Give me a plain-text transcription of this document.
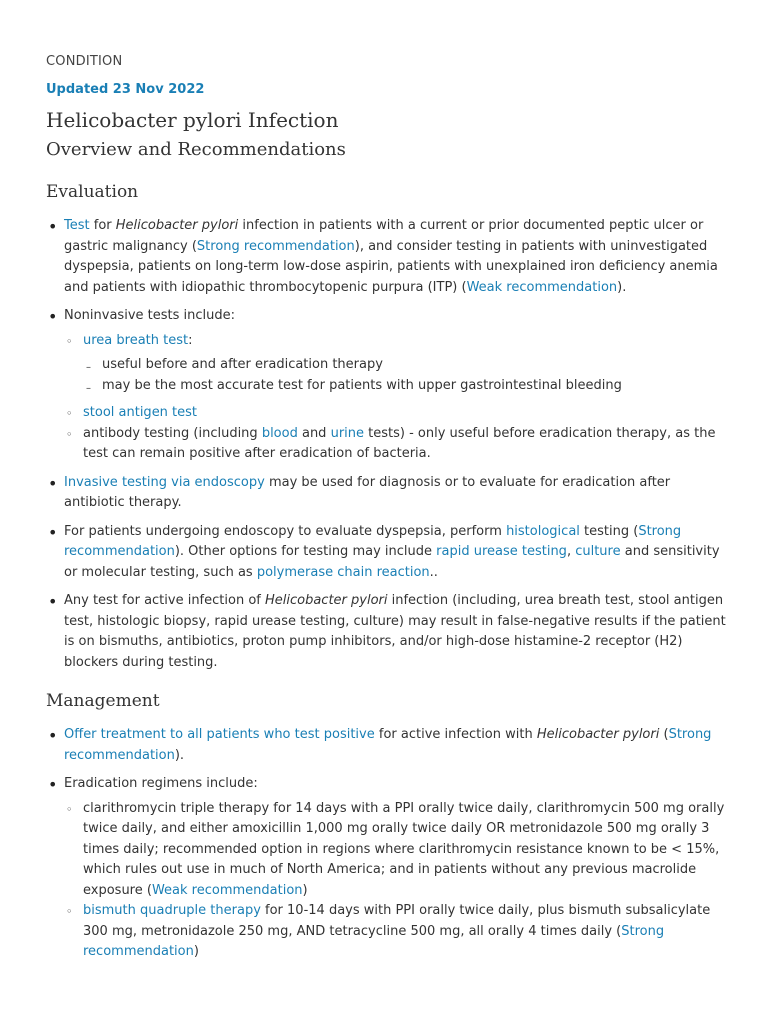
CONDITION
Updated 23 Nov 2022
Helicobacter pylori Infection
Overview and Recommendations
Evaluation
• Test for Helicobacter pylori infection in patients with a current or prior documented peptic ulcer or gastric malignancy (Strong recommendation), and consider testing in patients with uninvestigated dyspepsia, patients on long-term low-dose aspirin, patients with unexplained iron deficiency anemia and patients with idiopathic thrombocytopenic purpura (ITP) (Weak recommendation).
• Noninvasive tests include:
◦ urea breath test:
– useful before and after eradication therapy
– may be the most accurate test for patients with upper gastrointestinal bleeding
◦ stool antigen test
◦ antibody testing (including blood and urine tests) - only useful before eradication therapy, as the test can remain positive after eradication of bacteria.
• Invasive testing via endoscopy may be used for diagnosis or to evaluate for eradication after antibiotic therapy.
• For patients undergoing endoscopy to evaluate dyspepsia, perform histological testing (Strong recommendation). Other options for testing may include rapid urease testing, culture and sensitivity or molecular testing, such as polymerase chain reaction..
• Any test for active infection of Helicobacter pylori infection (including, urea breath test, stool antigen test, histologic biopsy, rapid urease testing, culture) may result in false-negative results if the patient is on bismuths, antibiotics, proton pump inhibitors, and/or high-dose histamine-2 receptor (H2) blockers during testing.
Management
• Offer treatment to all patients who test positive for active infection with Helicobacter pylori (Strong recommendation).
• Eradication regimens include:
◦ clarithromycin triple therapy for 14 days with a PPI orally twice daily, clarithromycin 500 mg orally twice daily, and either amoxicillin 1,000 mg orally twice daily OR metronidazole 500 mg orally 3 times daily; recommended option in regions where clarithromycin resistance known to be < 15%, which rules out use in much of North America; and in patients without any previous macrolide exposure (Weak recommendation)
◦ bismuth quadruple therapy for 10-14 days with PPI orally twice daily, plus bismuth subsalicylate 300 mg, metronidazole 250 mg, AND tetracycline 500 mg, all orally 4 times daily (Strong recommendation)
